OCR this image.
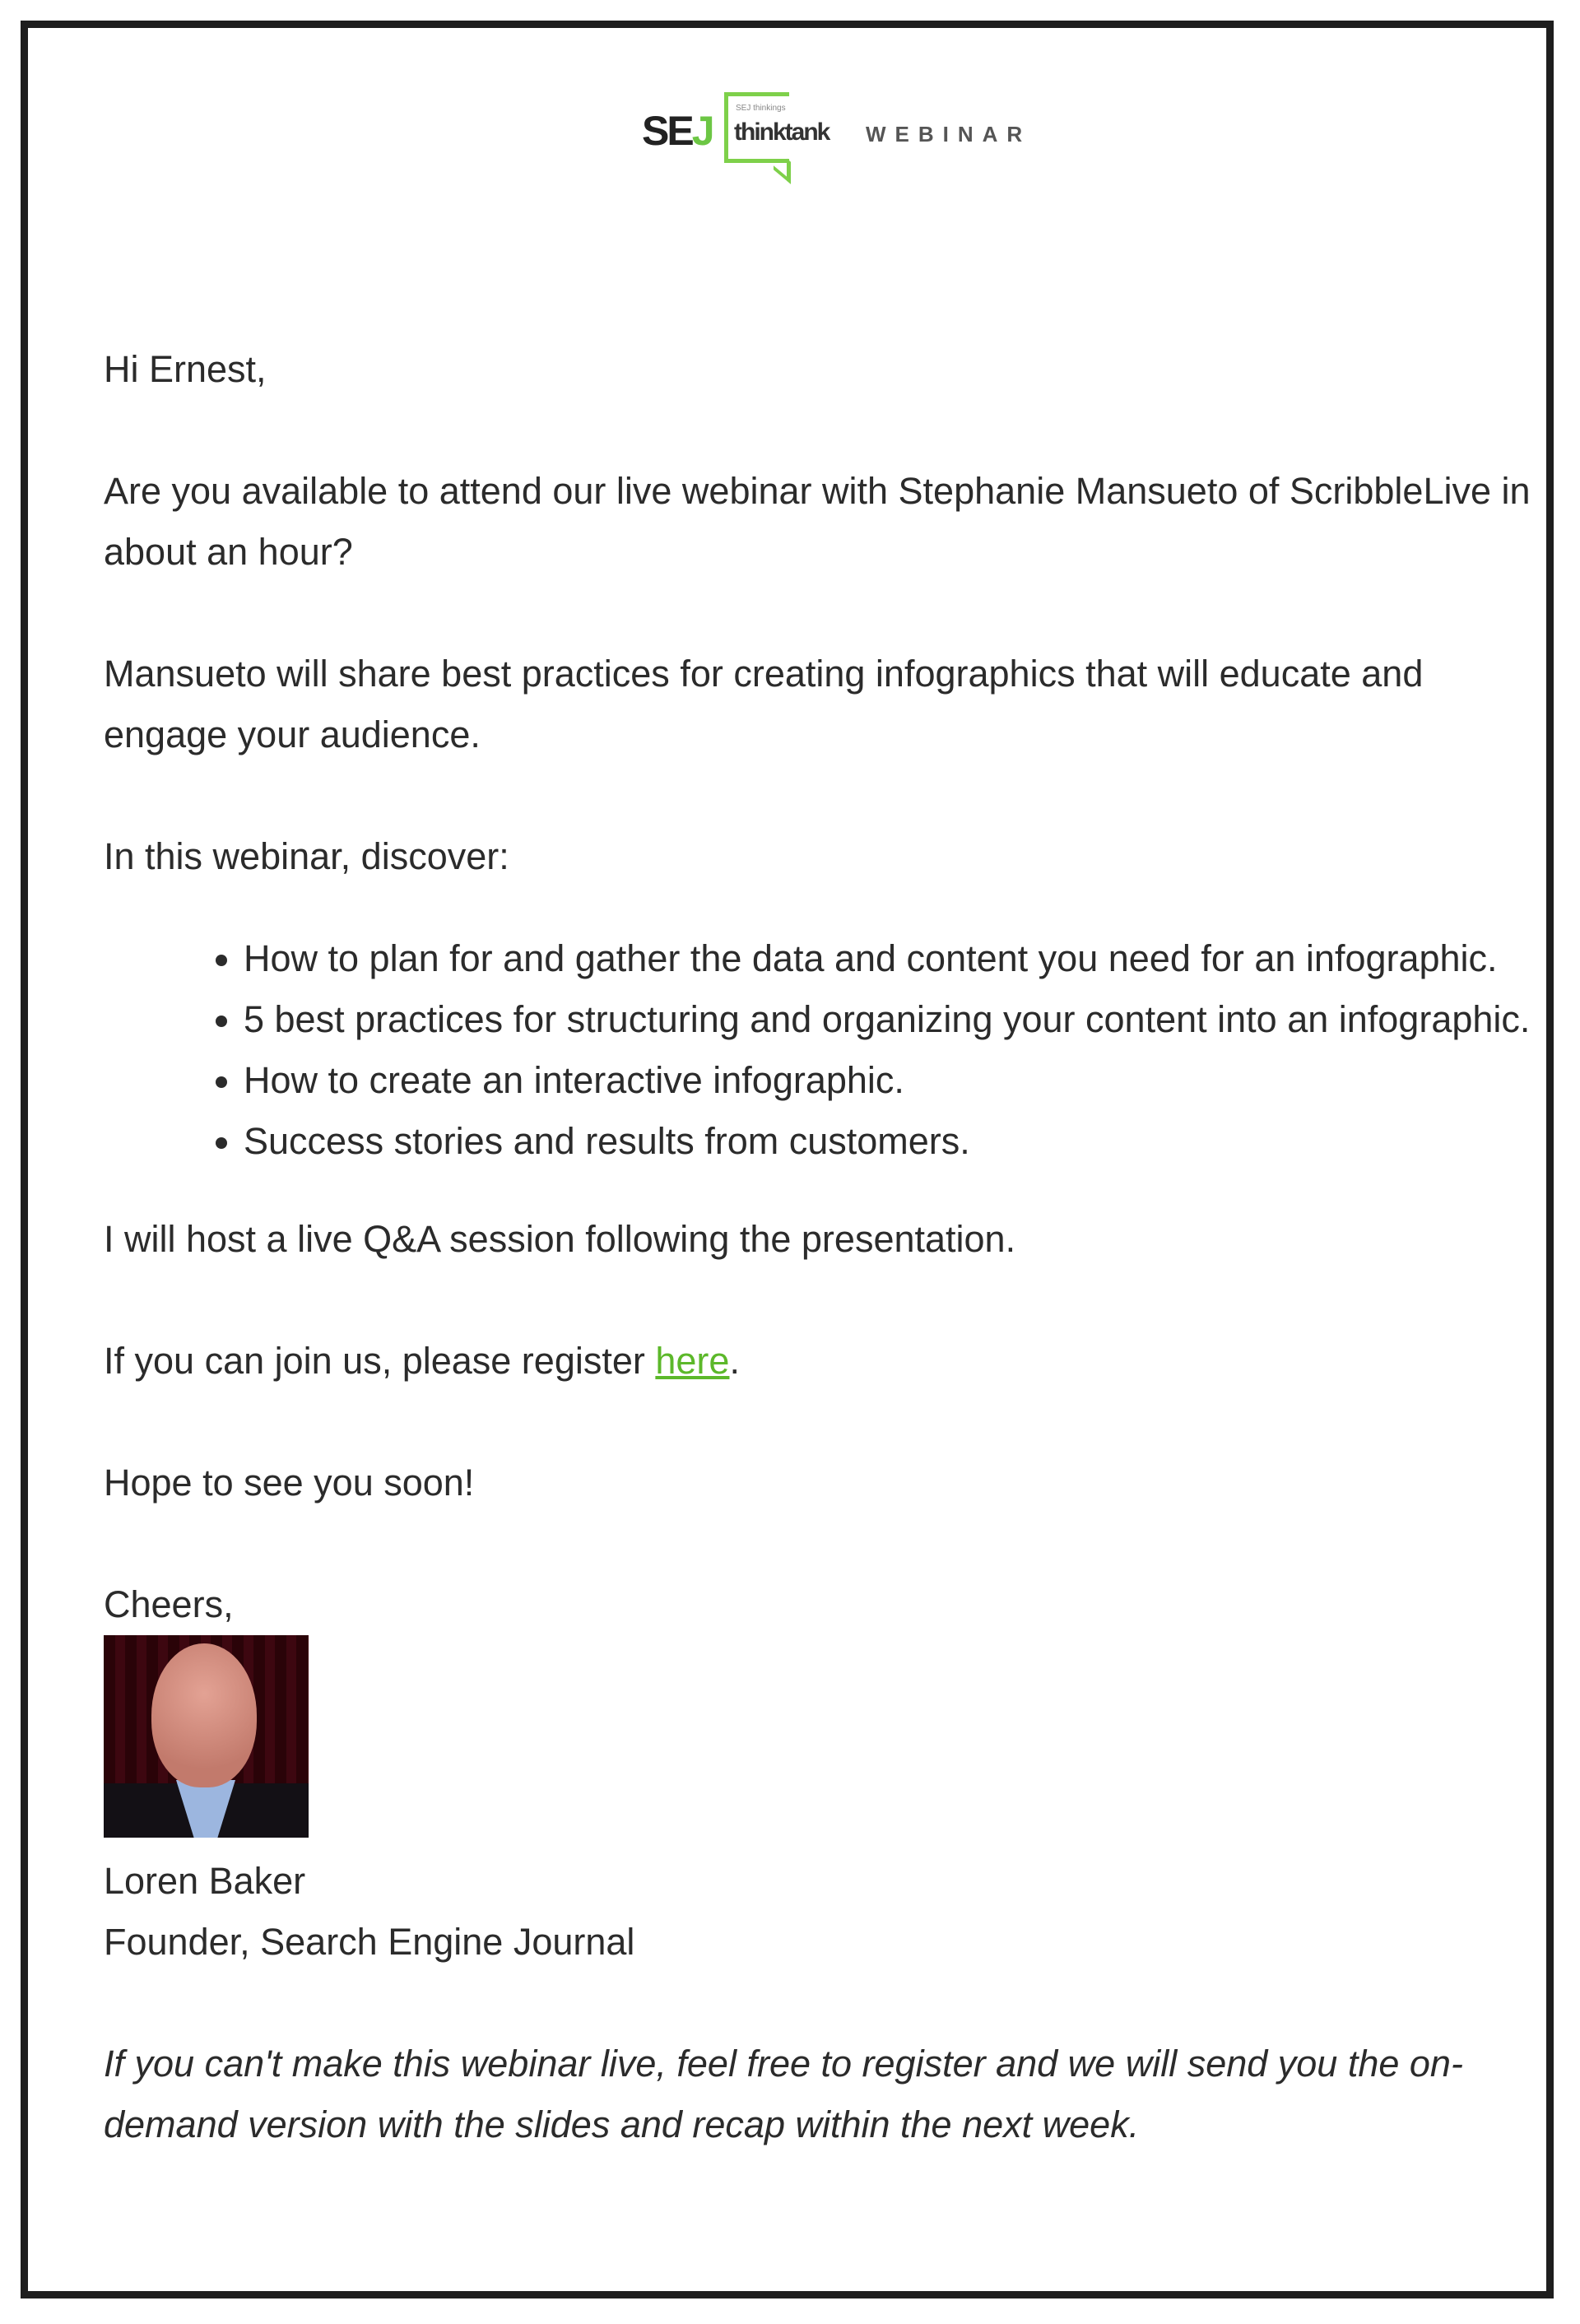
SEJ	SEJ thinkings
thinktank WEBINAR

Hi Ernest,

Are you available to attend our live webinar with Stephanie Mansueto of ScribbleLive in about an hour?

Mansueto will share best practices for creating infographics that will educate and engage your audience.

In this webinar, discover:

• How to plan for and gather the data and content you need for an infographic.
• 5 best practices for structuring and organizing your content into an infographic.
• How to create an interactive infographic.
• Success stories and results from customers.

I will host a live Q&A session following the presentation.

If you can join us, please register here.

Hope to see you soon!

Cheers,

Loren Baker
Founder, Search Engine Journal

If you can't make this webinar live, feel free to register and we will send you the on-demand version with the slides and recap within the next week.
